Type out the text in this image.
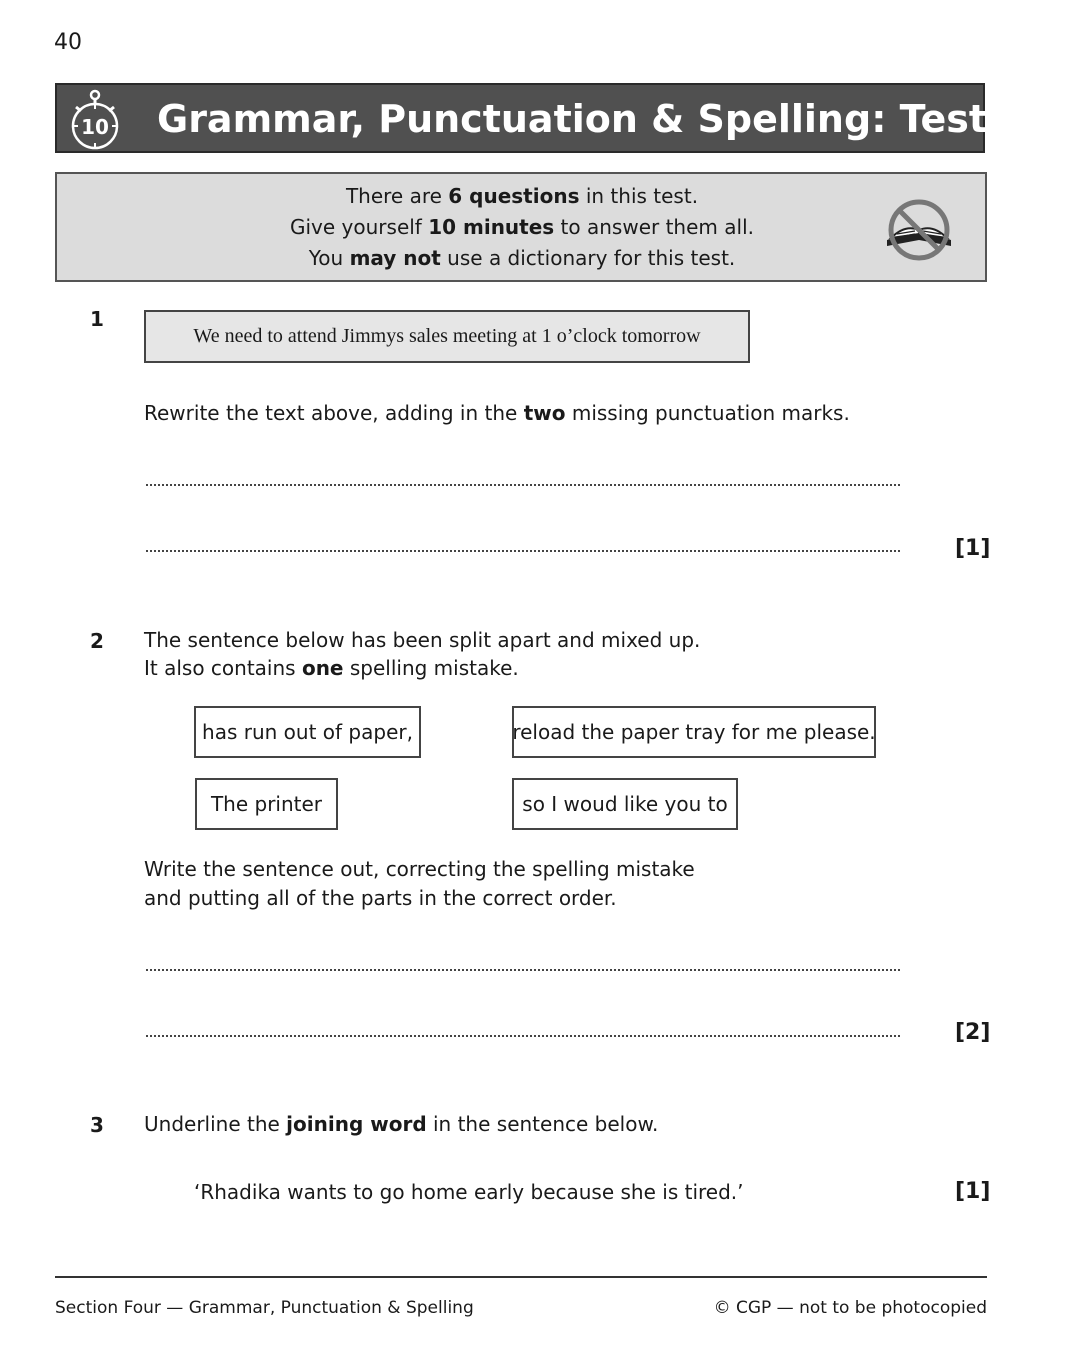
40
10 Grammar, Punctuation & Spelling: Test 1
There are 6 questions in this test.
Give yourself 10 minutes to answer them all.
You may not use a dictionary for this test.
1
We need to attend Jimmys sales meeting at 1 o’clock tomorrow
Rewrite the text above, adding in the two missing punctuation marks.
[1]
2 The sentence below has been split apart and mixed up.
It also contains one spelling mistake.
has run out of paper,	reload the paper tray for me please.
The printer	so I woud like you to
Write the sentence out, correcting the spelling mistake
and putting all of the parts in the correct order.
[2]
3 Underline the joining word in the sentence below.
‘Rhadika wants to go home early because she is tired.’	[1]
Section Four — Grammar, Punctuation & Spelling	© CGP — not to be photocopied
